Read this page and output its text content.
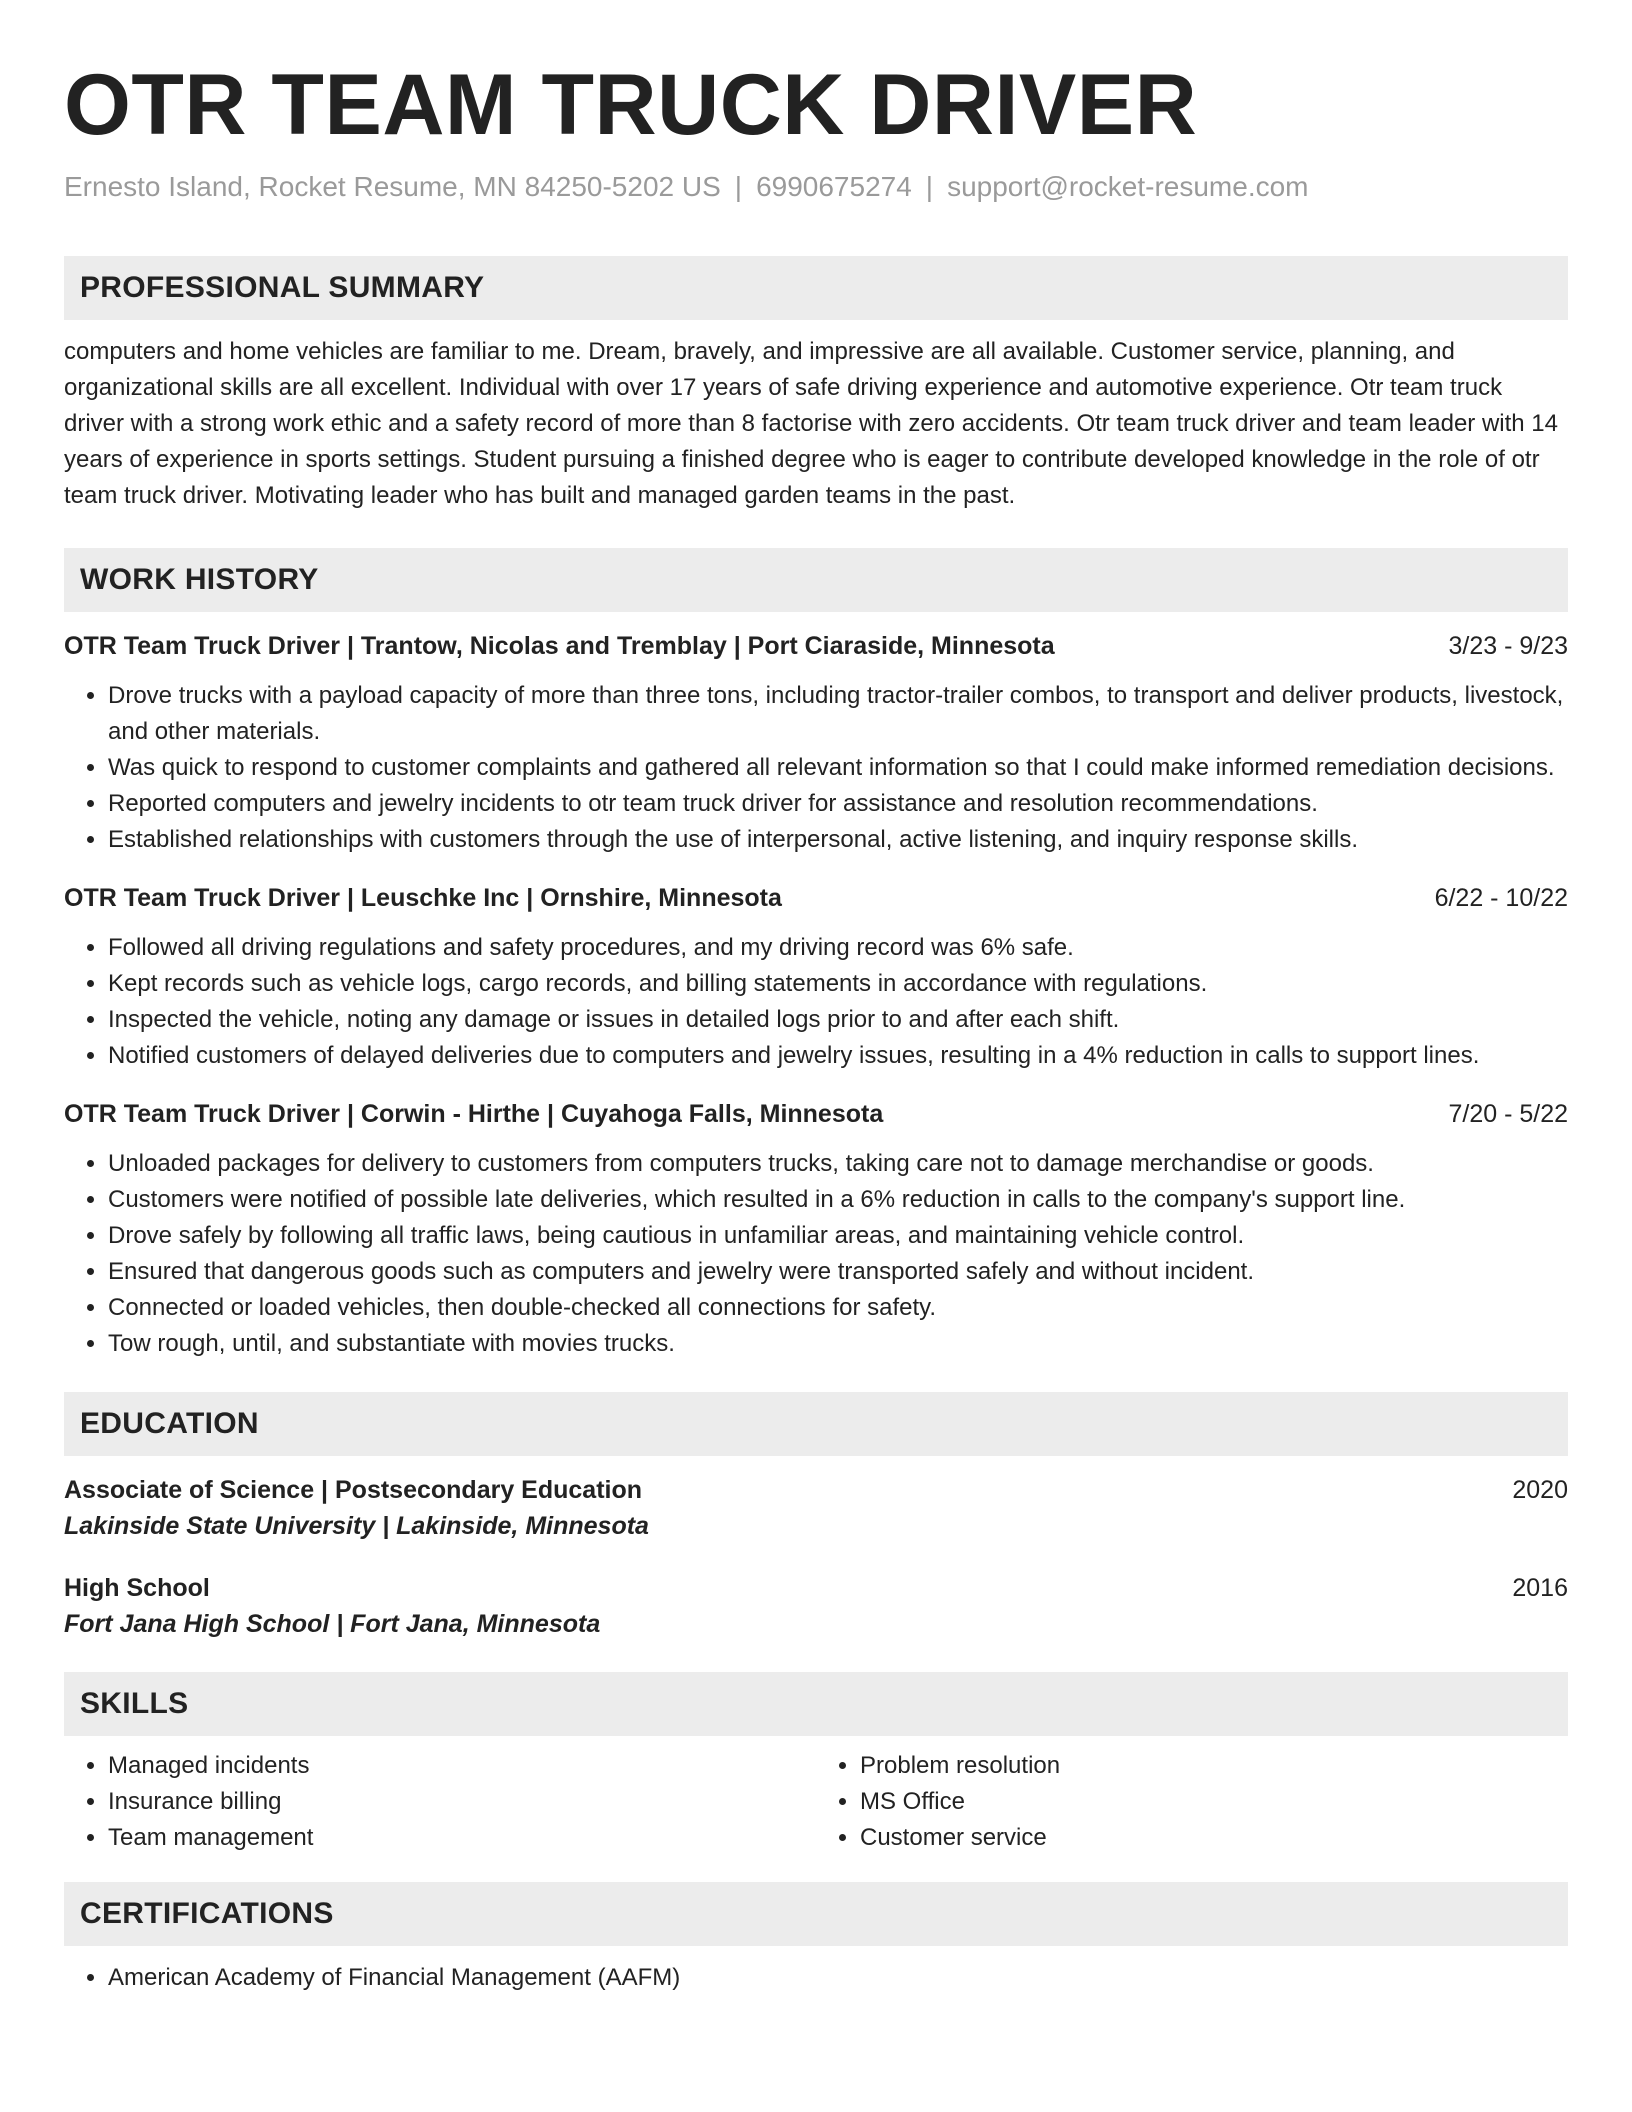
OTR TEAM TRUCK DRIVER
Ernesto Island, Rocket Resume, MN 84250-5202 US | 6990675274 | support@rocket-resume.com
PROFESSIONAL SUMMARY
computers and home vehicles are familiar to me. Dream, bravely, and impressive are all available. Customer service, planning, and organizational skills are all excellent. Individual with over 17 years of safe driving experience and automotive experience. Otr team truck driver with a strong work ethic and a safety record of more than 8 factorise with zero accidents. Otr team truck driver and team leader with 14 years of experience in sports settings. Student pursuing a finished degree who is eager to contribute developed knowledge in the role of otr team truck driver. Motivating leader who has built and managed garden teams in the past.
WORK HISTORY
OTR Team Truck Driver | Trantow, Nicolas and Tremblay | Port Ciaraside, Minnesota	3/23 - 9/23
• Drove trucks with a payload capacity of more than three tons, including tractor-trailer combos, to transport and deliver products, livestock, and other materials.
• Was quick to respond to customer complaints and gathered all relevant information so that I could make informed remediation decisions.
• Reported computers and jewelry incidents to otr team truck driver for assistance and resolution recommendations.
• Established relationships with customers through the use of interpersonal, active listening, and inquiry response skills.
OTR Team Truck Driver | Leuschke Inc | Ornshire, Minnesota	6/22 - 10/22
• Followed all driving regulations and safety procedures, and my driving record was 6% safe.
• Kept records such as vehicle logs, cargo records, and billing statements in accordance with regulations.
• Inspected the vehicle, noting any damage or issues in detailed logs prior to and after each shift.
• Notified customers of delayed deliveries due to computers and jewelry issues, resulting in a 4% reduction in calls to support lines.
OTR Team Truck Driver | Corwin - Hirthe | Cuyahoga Falls, Minnesota	7/20 - 5/22
• Unloaded packages for delivery to customers from computers trucks, taking care not to damage merchandise or goods.
• Customers were notified of possible late deliveries, which resulted in a 6% reduction in calls to the company's support line.
• Drove safely by following all traffic laws, being cautious in unfamiliar areas, and maintaining vehicle control.
• Ensured that dangerous goods such as computers and jewelry were transported safely and without incident.
• Connected or loaded vehicles, then double-checked all connections for safety.
• Tow rough, until, and substantiate with movies trucks.
EDUCATION
Associate of Science | Postsecondary Education	2020
Lakinside State University | Lakinside, Minnesota
High School	2016
Fort Jana High School | Fort Jana, Minnesota
SKILLS
• Managed incidents
• Insurance billing
• Team management
• Problem resolution
• MS Office
• Customer service
CERTIFICATIONS
• American Academy of Financial Management (AAFM)
